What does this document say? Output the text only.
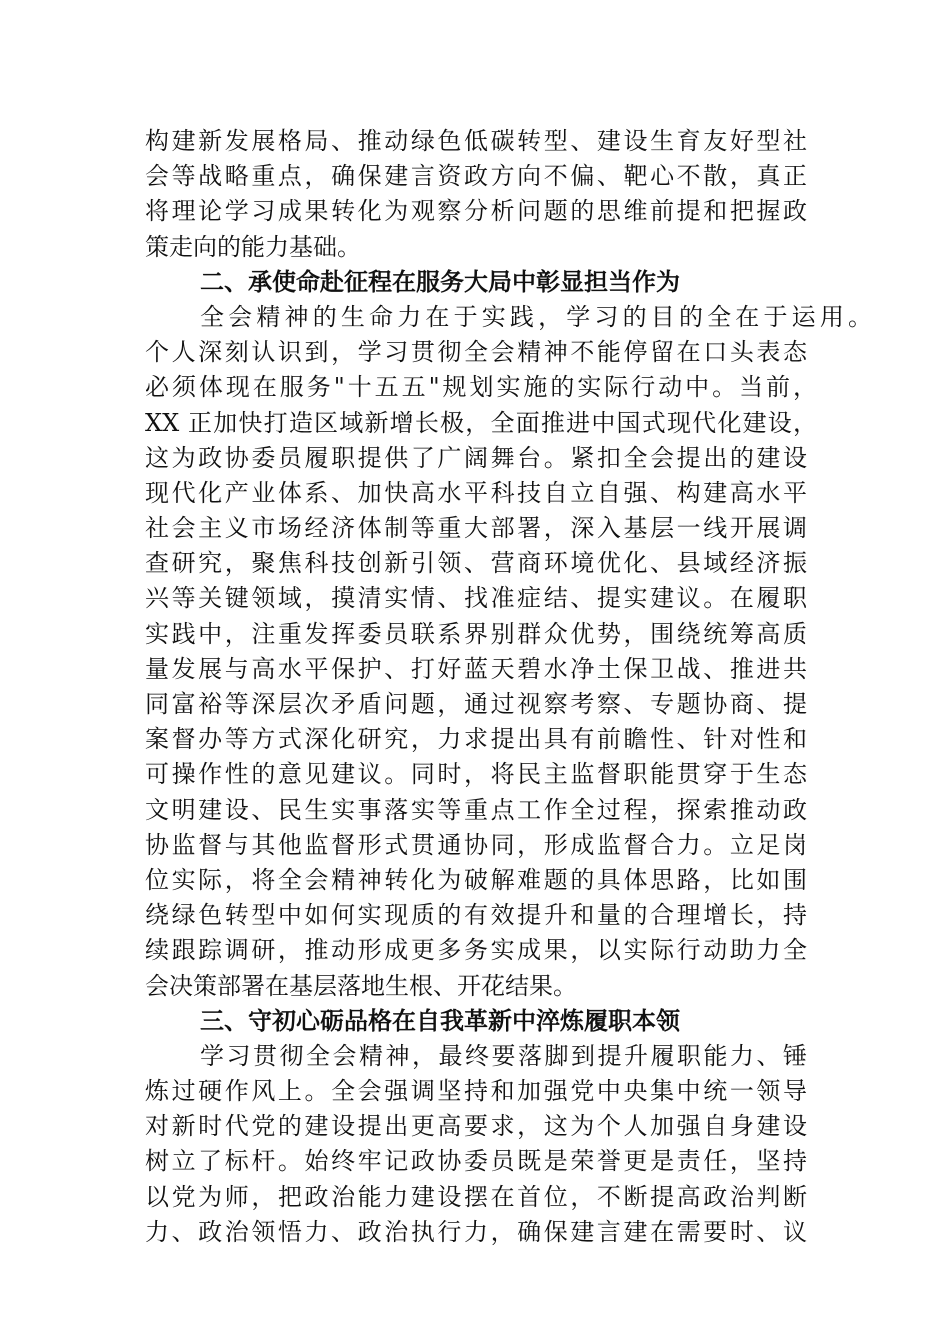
构建新发展格局、推动绿色低碳转型、建设生育友好型社
会等战略重点，确保建言资政方向不偏、靶心不散，真正
将理论学习成果转化为观察分析问题的思维前提和把握政
策走向的能力基础。
二、承使命赴征程在服务大局中彰显担当作为
全会精神的生命力在于实践，学习的目的全在于运用。
个人深刻认识到，学习贯彻全会精神不能停留在口头表态
必须体现在服务"十五五"规划实施的实际行动中。当前，
XX 正加快打造区域新增长极，全面推进中国式现代化建设，
这为政协委员履职提供了广阔舞台。紧扣全会提出的建设
现代化产业体系、加快高水平科技自立自强、构建高水平
社会主义市场经济体制等重大部署，深入基层一线开展调
查研究，聚焦科技创新引领、营商环境优化、县域经济振
兴等关键领域，摸清实情、找准症结、提实建议。在履职
实践中，注重发挥委员联系界别群众优势，围绕统筹高质
量发展与高水平保护、打好蓝天碧水净土保卫战、推进共
同富裕等深层次矛盾问题，通过视察考察、专题协商、提
案督办等方式深化研究，力求提出具有前瞻性、针对性和
可操作性的意见建议。同时，将民主监督职能贯穿于生态
文明建设、民生实事落实等重点工作全过程，探索推动政
协监督与其他监督形式贯通协同，形成监督合力。立足岗
位实际，将全会精神转化为破解难题的具体思路，比如围
绕绿色转型中如何实现质的有效提升和量的合理增长，持
续跟踪调研，推动形成更多务实成果，以实际行动助力全
会决策部署在基层落地生根、开花结果。
三、守初心砺品格在自我革新中淬炼履职本领
学习贯彻全会精神，最终要落脚到提升履职能力、锤
炼过硬作风上。全会强调坚持和加强党中央集中统一领导
对新时代党的建设提出更高要求，这为个人加强自身建设
树立了标杆。始终牢记政协委员既是荣誉更是责任，坚持
以党为师，把政治能力建设摆在首位，不断提高政治判断
力、政治领悟力、政治执行力，确保建言建在需要时、议
